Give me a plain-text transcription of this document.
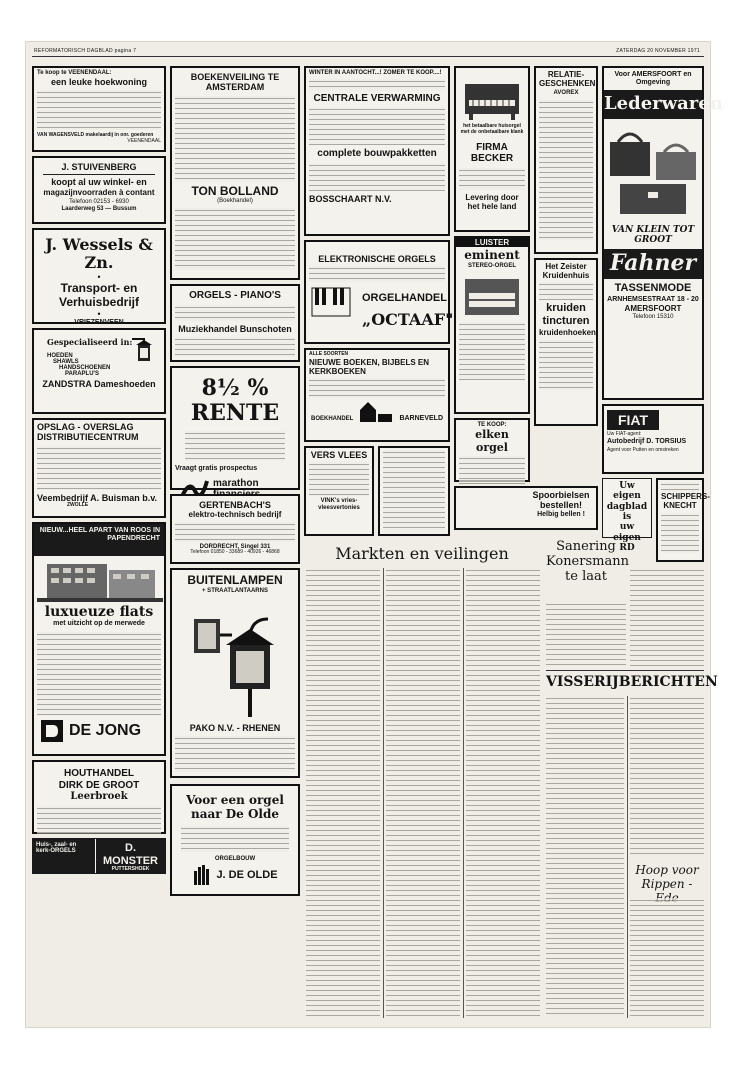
REFORMATORISCH DAGBLAD pagina 7	ZATERDAG 20 NOVEMBER 1971
Te koop te VEENENDAAL:
een leuke hoekwoning
VAN WAGENSVELD makelaardij in onr. goederen
VEENENDAAL
J. STUIVENBERG
koopt al uw winkel- en
magazijnvoorraden à contant
Telefoon 02153 - 6930
Laarderweg 53 — Bussum
J. Wessels & Zn.
•
Transport- en
Verhuisbedrijf
•
VRIEZENVEEN
Gespecialiseerd in:
HOEDEN
SHAWLS
HANDSCHOENEN
PARAPLU'S
ZANDSTRA Dameshoeden
OPSLAG - OVERSLAG DISTRIBUTIECENTRUM
Veembedrijf A. Buisman b.v.
ZWOLLE
NIEUW...HEEL APART VAN ROOS IN PAPENDRECHT
luxueuze flats
met uitzicht op de merwede
DE JONG
HOUTHANDEL
DIRK DE GROOT
Leerbroek
Huis-, zaal- en kerk-ORGELS	D. MONSTER
PUTTERSHOEK
BOEKENVEILING TE AMSTERDAM
TON BOLLAND
(Boekhandel)
ORGELS - PIANO'S
Muziekhandel Bunschoten
8½ % RENTE
Vraagt gratis prospectus
marathon
GERTENBACH'S
elektro-technisch bedrijf
DORDRECHT, Singel 331
Telefoon 01850 - 33689 - 40926 - 46868
BUITENLAMPEN
+ STRAATLANTAARNS
PAKO N.V. - RHENEN
Voor een orgel naar De Olde
ORGELBOUW
J. DE OLDE
WINTER IN AANTOCHT...! ZOMER TE KOOP....!
CENTRALE VERWARMING
complete bouwpakketten
BOSSCHAART N.V.
ELEKTRONISCHE ORGELS
ORGELHANDEL
„OCTAAF"
ALLE SOORTEN
NIEUWE BOEKEN, BIJBELS EN KERKBOEKEN
BOEKHANDEL	BARNEVELD
VERS VLEES
VINK's vries-vleesvertonies
het betaalbare huisorgel met de onbetaalbare klank
FIRMA BECKER
Levering door het hele land
LUISTER
eminent
STEREO-ORGEL
TE KOOP:
elken orgel
RELATIE-GESCHENKEN
AVOREX
Het Zeister Kruidenhuis
kruiden
tincturen
kruidenhoeken
Spoorbielsen bestellen!
Helbig bellen !
Voor AMERSFOORT en Omgeving
Lederwaren
VAN KLEIN TOT GROOT
Fahner
TASSENMODE
ARNHEMSESTRAAT 18 - 20
AMERSFOORT
Telefoon 15310
FIAT
Uw FIAT-agent:
Autobedrijf D. TORSIUS
Agent voor Putten en omstreken
Uw eigen
dagblad is
uw eigen
RD
SCHIPPERS-KNECHT
Markten en veilingen	Sanering Konersmann te laat
VISSERIJBERICHTEN
Hoop voor Rippen -
